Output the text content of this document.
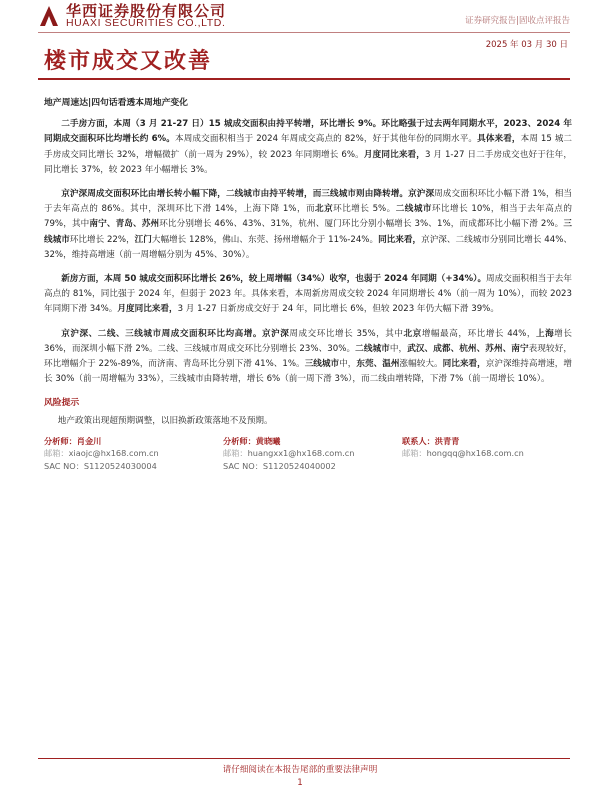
华西证券股份有限公司
HUAXI SECURITIES CO.,LTD.	证券研究报告|固收点评报告
2025 年 03 月 30 日
楼市成交又改善
地产周速达|四句话看透本周地产变化

二手房方面，本周（3 月 21-27 日）15 城成交面积由持平转增，环比增长 9%。环比略强于过去两年同期水平，2023、2024 年同期成交面积环比均增长约 6%。本周成交面积相当于 2024 年周成交高点的 82%，好于其他年份的同期水平。具体来看，本周 15 城二手房成交同比增长 32%，增幅微扩（前一周为 29%），较 2023 年同期增长 6%。月度同比来看，3 月 1-27 日二手房成交也好于往年，同比增长 37%，较 2023 年小幅增长 3%。

京沪深周成交面积环比由增长转小幅下降，二线城市由持平转增，而三线城市则由降转增。京沪深周成交面积环比小幅下滑 1%，相当于去年高点的 86%。其中，深圳环比下滑 14%，上海下降 1%，而北京环比增长 5%。二线城市环比增长 10%，相当于去年高点的 79%，其中南宁、青岛、苏州环比分别增长 46%、43%、31%，杭州、厦门环比分别小幅增长 3%、1%，而成都环比小幅下滑 2%。三线城市环比增长 22%，江门大幅增长 128%，佛山、东莞、扬州增幅介于 11%-24%。同比来看，京沪深、二线城市分别同比增长 44%、32%，维持高增速（前一周增幅分别为 45%、30%）。

新房方面，本周 50 城成交面积环比增长 26%，较上周增幅（34%）收窄，也弱于 2024 年同期（+34%）。周成交面积相当于去年高点的 81%，同比强于 2024 年，但弱于 2023 年。具体来看，本周新房周成交较 2024 年同期增长 4%（前一周为 10%），而较 2023 年同期下滑 34%。月度同比来看，3 月 1-27 日新房成交好于 24 年，同比增长 6%，但较 2023 年仍大幅下滑 39%。

京沪深、二线、三线城市周成交面积环比均高增。京沪深周成交环比增长 35%，其中北京增幅最高，环比增长 44%，上海增长 36%，而深圳小幅下滑 2%。二线、三线城市周成交环比分别增长 23%、30%。二线城市中，武汉、成都、杭州、苏州、南宁表现较好，环比增幅介于 22%-89%，而济南、青岛环比分别下滑 41%、1%。三线城市中，东莞、温州涨幅较大。同比来看，京沪深维持高增速，增长 30%（前一周增幅为 33%），三线城市由降转增，增长 6%（前一周下滑 3%），而二线由增转降，下滑 7%（前一周增长 10%）。

风险提示
地产政策出现超预期调整，以旧换新政策落地不及预期。
分析师：肖金川
邮箱：xiaojc@hx168.com.cn
SAC NO：S1120524030004
分析师：黄晓曦
邮箱：huangxx1@hx168.com.cn
SAC NO：S1120524040002
联系人：洪青青
邮箱：hongqq@hx168.com.cn
请仔细阅读在本报告尾部的重要法律声明
1
